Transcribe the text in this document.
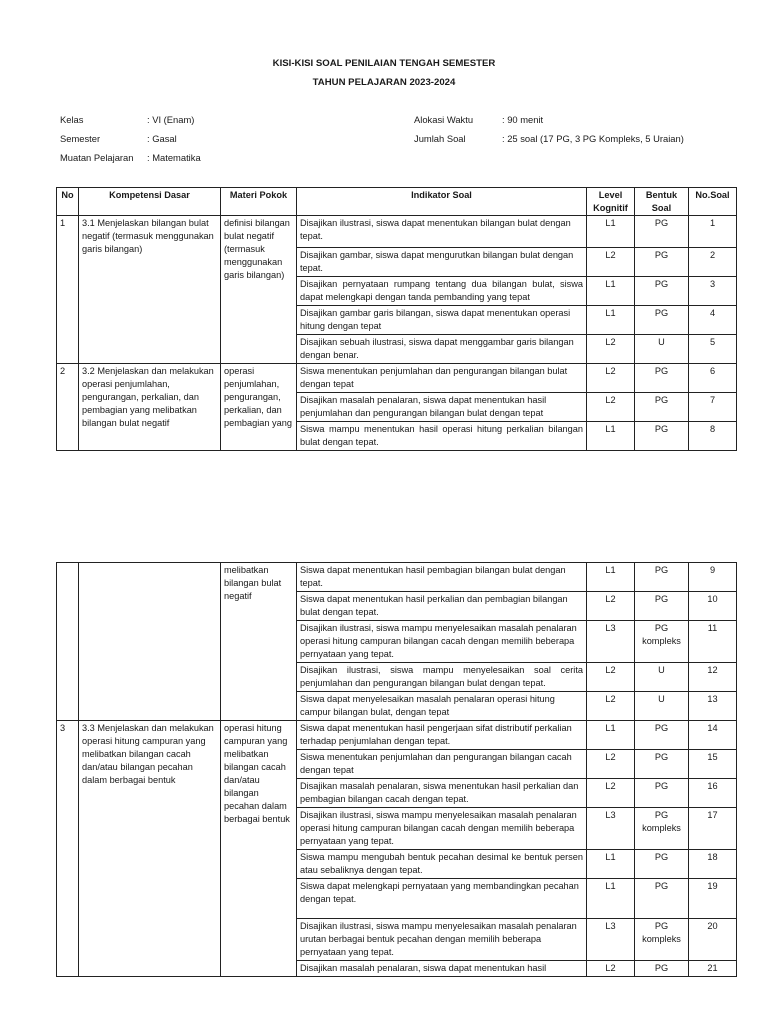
KISI-KISI SOAL PENILAIAN TENGAH SEMESTER
TAHUN PELAJARAN 2023-2024
Kelas	: VI (Enam)
Semester	: Gasal
Muatan Pelajaran : Matematika
Alokasi Waktu	: 90 menit
Jumlah Soal	: 25 soal (17 PG, 3 PG Kompleks, 5 Uraian)
No	Kompetensi Dasar	Materi Pokok	Indikator Soal	Level Kognitif	Bentuk Soal	No.Soal
1	3.1 Menjelaskan bilangan bulat negatif (termasuk menggunakan garis bilangan)	definisi bilangan bulat negatif (termasuk menggunakan garis bilangan)	Disajikan ilustrasi, siswa dapat menentukan bilangan bulat dengan tepat.	L1	PG	1
			Disajikan gambar, siswa dapat mengurutkan bilangan bulat dengan tepat.	L2	PG	2
			Disajikan pernyataan rumpang tentang dua bilangan bulat, siswa dapat melengkapi dengan tanda pembanding yang tepat	L1	PG	3
			Disajikan gambar garis bilangan, siswa dapat menentukan operasi hitung dengan tepat	L1	PG	4
			Disajikan sebuah ilustrasi, siswa dapat menggambar garis bilangan dengan benar.	L2	U	5
2	3.2 Menjelaskan dan melakukan operasi penjumlahan, pengurangan, perkalian, dan pembagian yang melibatkan bilangan bulat negatif	operasi penjumlahan, pengurangan, perkalian, dan pembagian yang	Siswa menentukan penjumlahan dan pengurangan bilangan bulat dengan tepat	L2	PG	6
			Disajikan masalah penalaran, siswa dapat menentukan hasil penjumlahan dan pengurangan bilangan bulat dengan tepat	L2	PG	7
			Siswa mampu menentukan hasil operasi hitung perkalian bilangan bulat dengan tepat.	L1	PG	8
		melibatkan bilangan bulat negatif	Siswa dapat menentukan hasil pembagian bilangan bulat dengan tepat.	L1	PG	9
			Siswa dapat menentukan hasil perkalian dan pembagian bilangan bulat dengan tepat.	L2	PG	10
			Disajikan ilustrasi, siswa mampu menyelesaikan masalah penalaran operasi hitung campuran bilangan cacah dengan memilih beberapa pernyataan yang tepat.	L3	PG kompleks	11
			Disajikan ilustrasi, siswa mampu menyelesaikan soal cerita penjumlahan dan pengurangan bilangan bulat dengan tepat.	L2	U	12
			Siswa dapat menyelesaikan masalah penalaran operasi hitung campur bilangan bulat, dengan tepat	L2	U	13
3	3.3 Menjelaskan dan melakukan operasi hitung campuran yang melibatkan bilangan cacah dan/atau bilangan pecahan dalam berbagai bentuk	operasi hitung campuran yang melibatkan bilangan cacah dan/atau bilangan pecahan dalam berbagai bentuk	Siswa dapat menentukan hasil pengerjaan sifat distributif perkalian terhadap penjumlahan dengan tepat.	L1	PG	14
			Siswa menentukan penjumlahan dan pengurangan bilangan cacah dengan tepat	L2	PG	15
			Disajikan masalah penalaran, siswa menentukan hasil perkalian dan pembagian bilangan cacah dengan tepat.	L2	PG	16
			Disajikan ilustrasi, siswa mampu menyelesaikan masalah penalaran operasi hitung campuran bilangan cacah dengan memilih beberapa pernyataan yang tepat.	L3	PG kompleks	17
			Siswa mampu mengubah bentuk pecahan desimal ke bentuk persen atau sebaliknya dengan tepat.	L1	PG	18
			Siswa dapat melengkapi pernyataan yang membandingkan pecahan dengan tepat.	L1	PG	19
			Disajikan ilustrasi, siswa mampu menyelesaikan masalah penalaran urutan berbagai bentuk pecahan dengan memilih beberapa pernyataan yang tepat.	L3	PG kompleks	20
			Disajikan masalah penalaran, siswa dapat menentukan hasil	L2	PG	21
